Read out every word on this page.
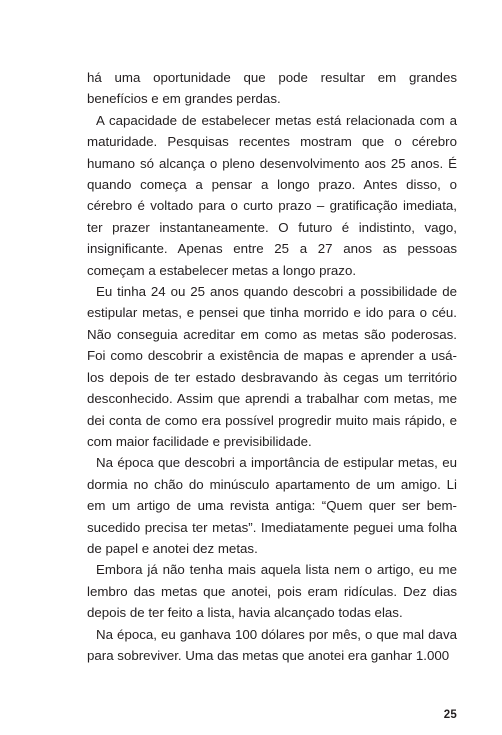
há uma oportunidade que pode resultar em grandes benefícios e em grandes perdas.

A capacidade de estabelecer metas está relacionada com a maturidade. Pesquisas recentes mostram que o cérebro humano só alcança o pleno desenvolvimento aos 25 anos. É quando começa a pensar a longo prazo. Antes disso, o cérebro é voltado para o curto prazo – gratificação imediata, ter prazer instantaneamente. O futuro é indistinto, vago, insignificante. Apenas entre 25 a 27 anos as pessoas começam a estabelecer metas a longo prazo.

Eu tinha 24 ou 25 anos quando descobri a possibilidade de estipular metas, e pensei que tinha morrido e ido para o céu. Não conseguia acreditar em como as metas são poderosas. Foi como descobrir a existência de mapas e aprender a usá-los depois de ter estado desbravando às cegas um território desconhecido. Assim que aprendi a trabalhar com metas, me dei conta de como era possível progredir muito mais rápido, e com maior facilidade e previsibilidade.

Na época que descobri a importância de estipular metas, eu dormia no chão do minúsculo apartamento de um amigo. Li em um artigo de uma revista antiga: “Quem quer ser bem-sucedido precisa ter metas”. Imediatamente peguei uma folha de papel e anotei dez metas.

Embora já não tenha mais aquela lista nem o artigo, eu me lembro das metas que anotei, pois eram ridículas. Dez dias depois de ter feito a lista, havia alcançado todas elas.

Na época, eu ganhava 100 dólares por mês, o que mal dava para sobreviver. Uma das metas que anotei era ganhar 1.000

25
